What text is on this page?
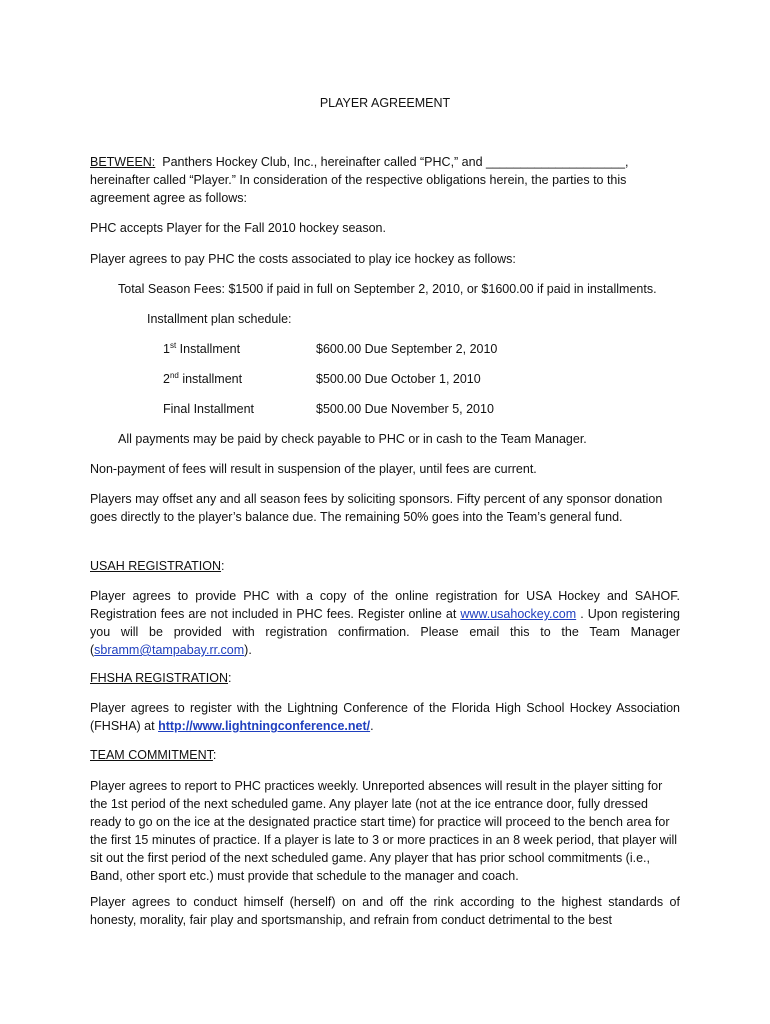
PLAYER AGREEMENT
BETWEEN: Panthers Hockey Club, Inc., hereinafter called “PHC,” and ____________________, hereinafter called “Player.” In consideration of the respective obligations herein, the parties to this agreement agree as follows:
PHC accepts Player for the Fall 2010 hockey season.
Player agrees to pay PHC the costs associated to play ice hockey as follows:
Total Season Fees: $1500 if paid in full on September 2, 2010, or $1600.00 if paid in installments.
Installment plan schedule:
1st Installment	$600.00 Due September 2, 2010
2nd installment	$500.00 Due October 1, 2010
Final Installment	$500.00 Due November 5, 2010
All payments may be paid by check payable to PHC or in cash to the Team Manager.
Non-payment of fees will result in suspension of the player, until fees are current.
Players may offset any and all season fees by soliciting sponsors. Fifty percent of any sponsor donation goes directly to the player’s balance due. The remaining 50% goes into the Team’s general fund.
USAH REGISTRATION:
Player agrees to provide PHC with a copy of the online registration for USA Hockey and SAHOF. Registration fees are not included in PHC fees. Register online at www.usahockey.com . Upon registering you will be provided with registration confirmation. Please email this to the Team Manager (sbramm@tampabay.rr.com).
FHSHA REGISTRATION:
Player agrees to register with the Lightning Conference of the Florida High School Hockey Association (FHSHA) at http://www.lightningconference.net/.
TEAM COMMITMENT:
Player agrees to report to PHC practices weekly. Unreported absences will result in the player sitting for the 1st period of the next scheduled game. Any player late (not at the ice entrance door, fully dressed ready to go on the ice at the designated practice start time) for practice will proceed to the bench area for the first 15 minutes of practice. If a player is late to 3 or more practices in an 8 week period, that player will sit out the first period of the next scheduled game. Any player that has prior school commitments (i.e., Band, other sport etc.) must provide that schedule to the manager and coach.
Player agrees to conduct himself (herself) on and off the rink according to the highest standards of honesty, morality, fair play and sportsmanship, and refrain from conduct detrimental to the best
